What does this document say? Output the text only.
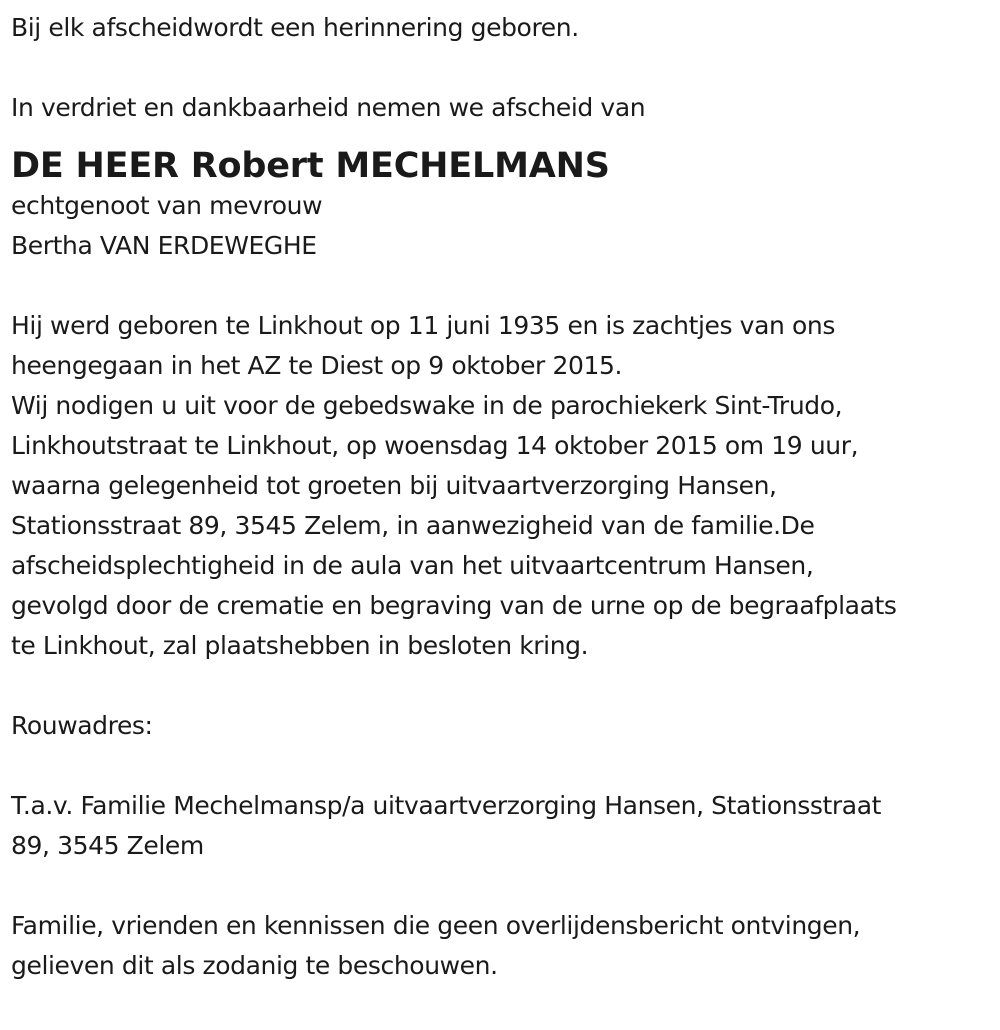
Bij elk afscheidwordt een herinnering geboren.
In verdriet en dankbaarheid nemen we afscheid van
DE HEER Robert MECHELMANS
echtgenoot van mevrouw
Bertha VAN ERDEWEGHE
Hij werd geboren te Linkhout op 11 juni 1935 en is zachtjes van ons
heengegaan in het AZ te Diest op 9 oktober 2015.
Wij nodigen u uit voor de gebedswake in de parochiekerk Sint-Trudo,
Linkhoutstraat te Linkhout, op woensdag 14 oktober 2015 om 19 uur,
waarna gelegenheid tot groeten bij uitvaartverzorging Hansen,
Stationsstraat 89, 3545 Zelem, in aanwezigheid van de familie.De
afscheidsplechtigheid in de aula van het uitvaartcentrum Hansen,
gevolgd door de crematie en begraving van de urne op de begraafplaats
te Linkhout, zal plaatshebben in besloten kring.
Rouwadres:
T.a.v. Familie Mechelmansp/a uitvaartverzorging Hansen, Stationsstraat
89, 3545 Zelem
Familie, vrienden en kennissen die geen overlijdensbericht ontvingen,
gelieven dit als zodanig te beschouwen.
